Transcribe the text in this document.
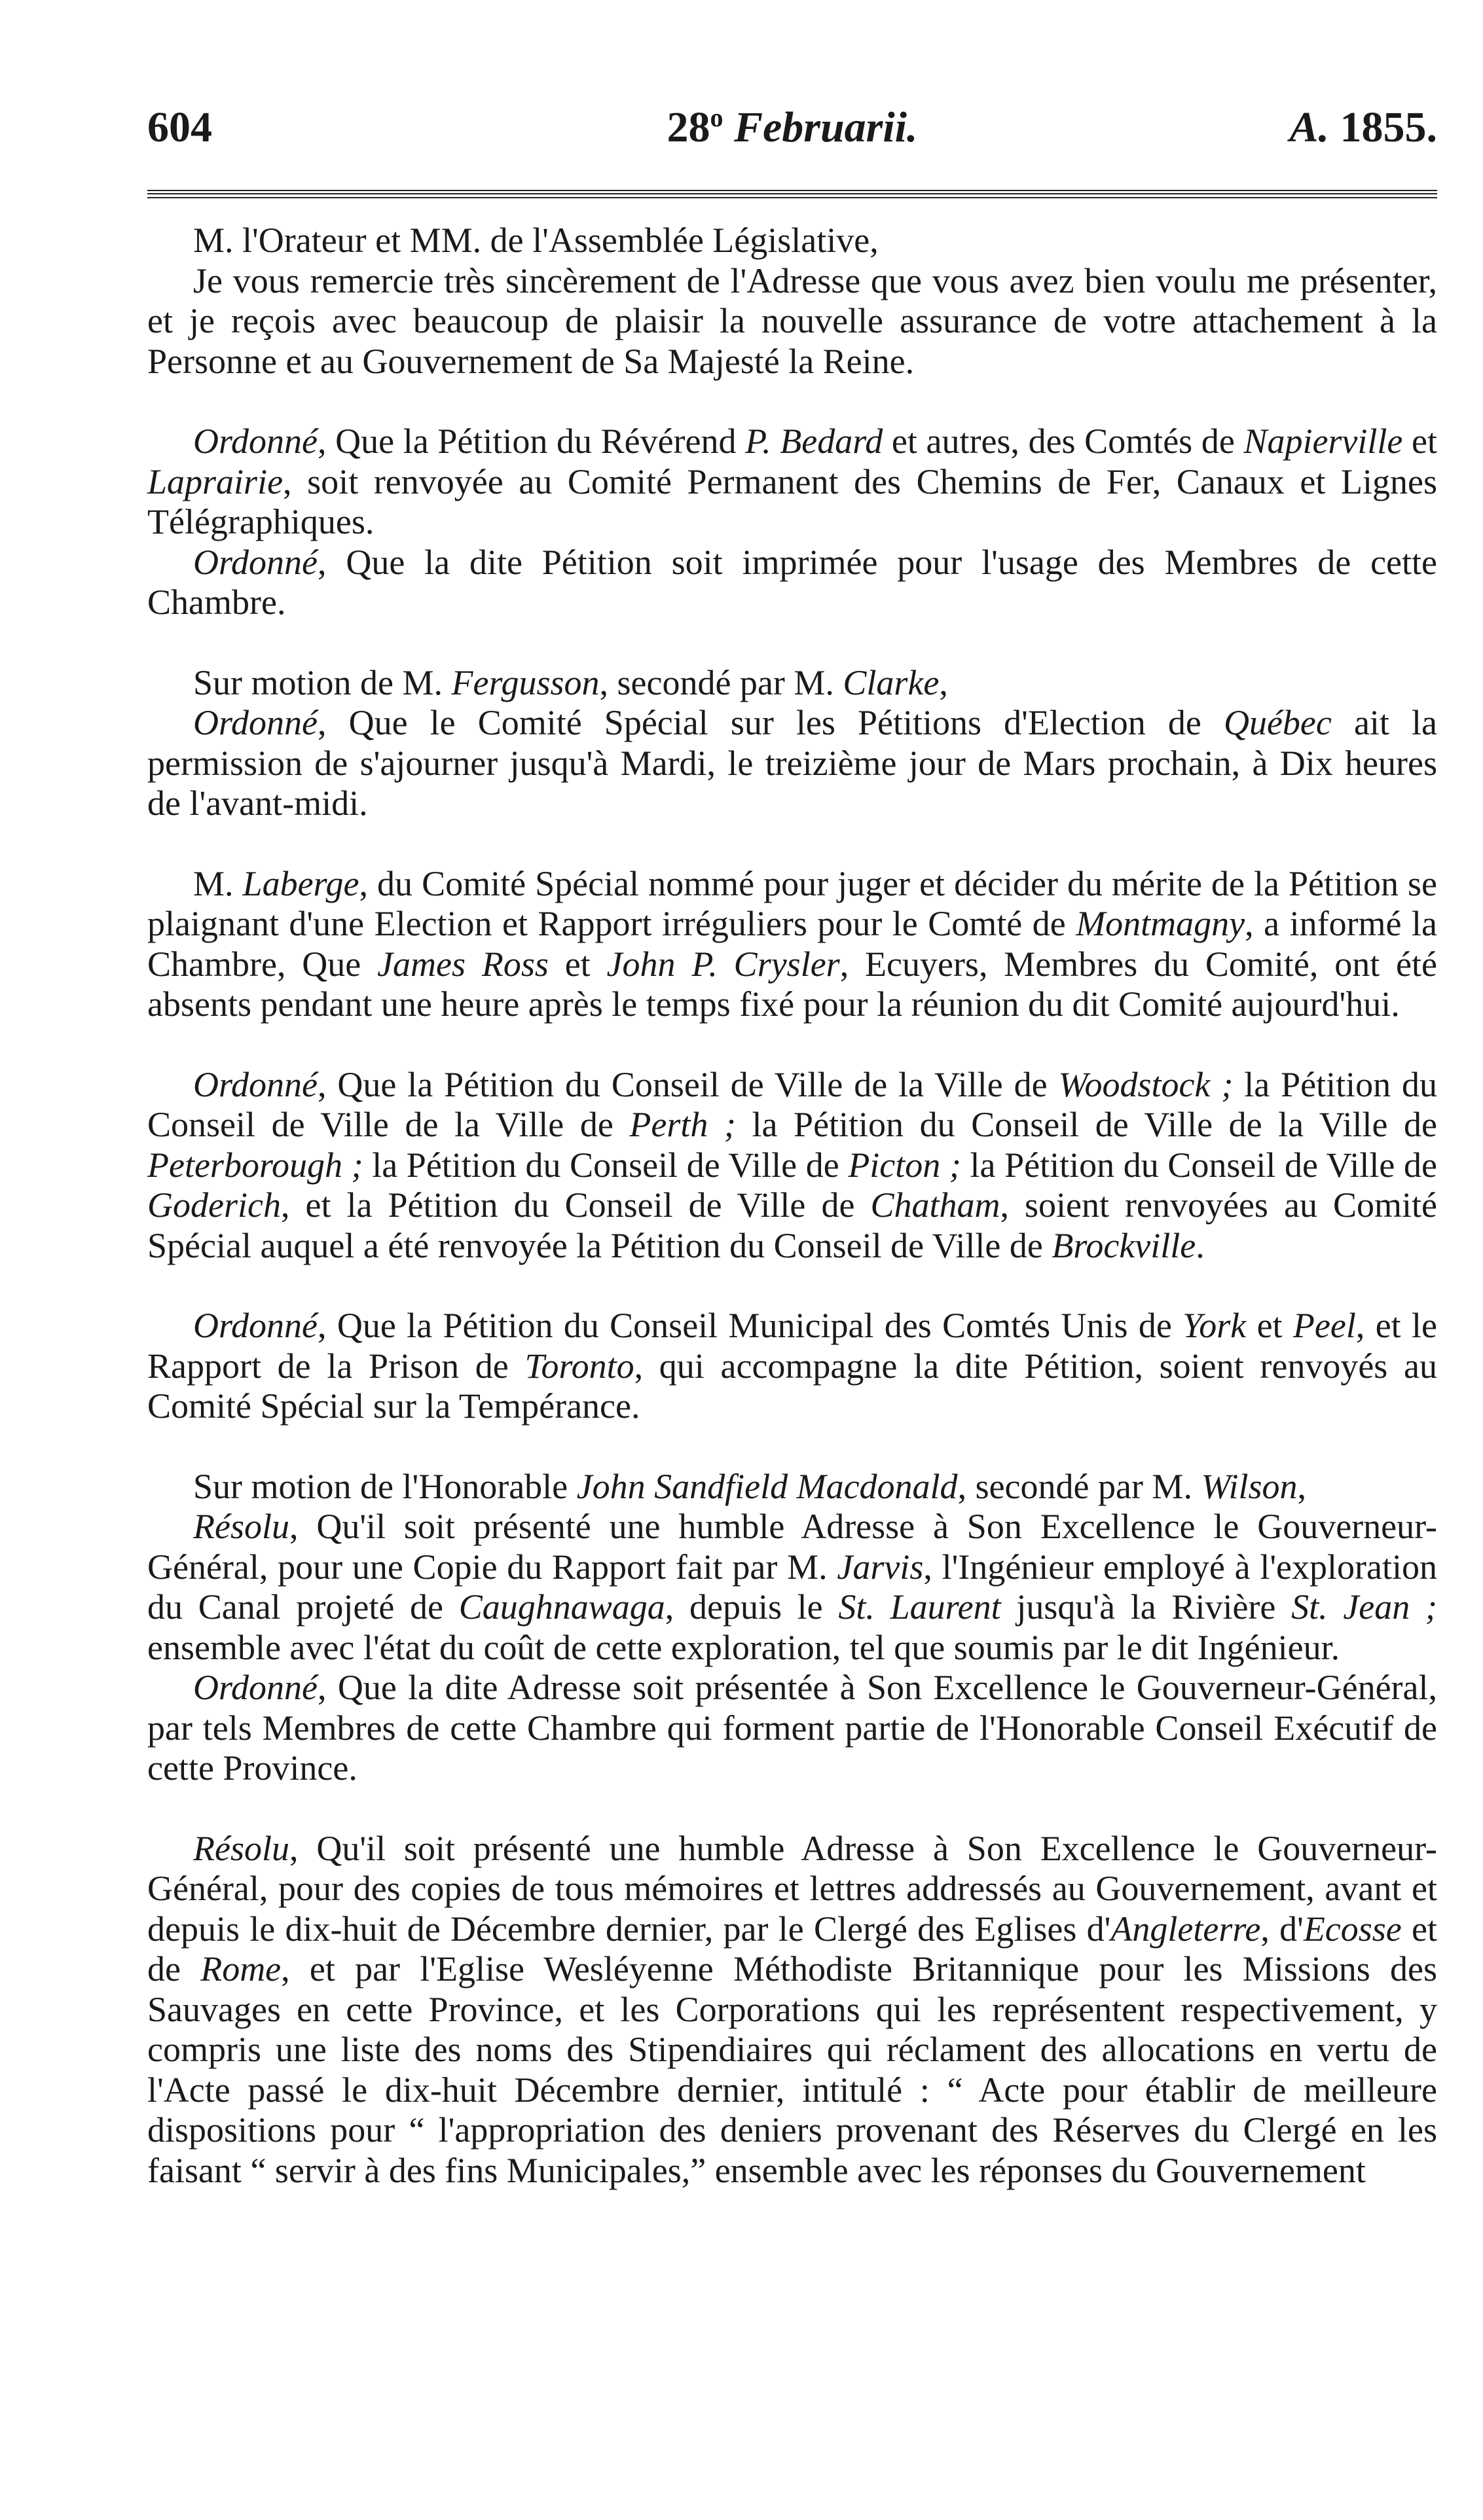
604	28$^o$ Februarii.	A. 1855.

M. l'Orateur et MM. de l'Assemblée Législative,

Je vous remercie très sincèrement de l'Adresse que vous avez bien voulu me présenter, et je reçois avec beaucoup de plaisir la nouvelle assurance de votre attachement à la Personne et au Gouvernement de Sa Majesté la Reine.

Ordonné, Que la Pétition du Révérend P. Bedard et autres, des Comtés de Napierville et Laprairie, soit renvoyée au Comité Permanent des Chemins de Fer, Canaux et Lignes Télégraphiques.

Ordonné, Que la dite Pétition soit imprimée pour l'usage des Membres de cette Chambre.

Sur motion de M. Fergusson, secondé par M. Clarke,

Ordonné, Que le Comité Spécial sur les Pétitions d'Election de Québec ait la permission de s'ajourner jusqu'à Mardi, le treizième jour de Mars prochain, à Dix heures de l'avant-midi.

M. Laberge, du Comité Spécial nommé pour juger et décider du mérite de la Pétition se plaignant d'une Election et Rapport irréguliers pour le Comté de Montmagny, a informé la Chambre, Que James Ross et John P. Crysler, Ecuyers, Membres du Comité, ont été absents pendant une heure après le temps fixé pour la réunion du dit Comité aujourd'hui.

Ordonné, Que la Pétition du Conseil de Ville de la Ville de Woodstock ; la Pétition du Conseil de Ville de la Ville de Perth ; la Pétition du Conseil de Ville de la Ville de Peterborough ; la Pétition du Conseil de Ville de Picton ; la Pétition du Conseil de Ville de Goderich, et la Pétition du Conseil de Ville de Chatham, soient renvoyées au Comité Spécial auquel a été renvoyée la Pétition du Conseil de Ville de Brockville.

Ordonné, Que la Pétition du Conseil Municipal des Comtés Unis de York et Peel, et le Rapport de la Prison de Toronto, qui accompagne la dite Pétition, soient renvoyés au Comité Spécial sur la Tempérance.

Sur motion de l'Honorable John Sandfield Macdonald, secondé par M. Wilson,

Résolu, Qu'il soit présenté une humble Adresse à Son Excellence le Gouverneur-Général, pour une Copie du Rapport fait par M. Jarvis, l'Ingénieur employé à l'exploration du Canal projeté de Caughnawaga, depuis le St. Laurent jusqu'à la Rivière St. Jean ; ensemble avec l'état du coût de cette exploration, tel que soumis par le dit Ingénieur.

Ordonné, Que la dite Adresse soit présentée à Son Excellence le Gouverneur-Général, par tels Membres de cette Chambre qui forment partie de l'Honorable Conseil Exécutif de cette Province.

Résolu, Qu'il soit présenté une humble Adresse à Son Excellence le Gouverneur-Général, pour des copies de tous mémoires et lettres addressés au Gouvernement, avant et depuis le dix-huit de Décembre dernier, par le Clergé des Eglises d'Angleterre, d'Ecosse et de Rome, et par l'Eglise Wesléyenne Méthodiste Britannique pour les Missions des Sauvages en cette Province, et les Corporations qui les représentent respectivement, y compris une liste des noms des Stipendiaires qui réclament des allocations en vertu de l'Acte passé le dix-huit Décembre dernier, intitulé : “ Acte pour établir de meilleure dispositions pour “ l'appropriation des deniers provenant des Réserves du Clergé en les faisant “ servir à des fins Municipales,” ensemble avec les réponses du Gouvernement
